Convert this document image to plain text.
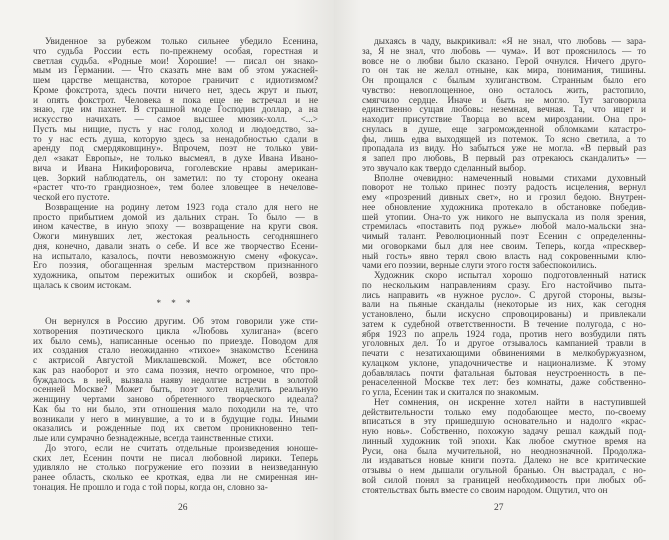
Увиденное за рубежом только сильнее убедило Есенина,
что судьба России есть по-прежнему особая, горестная и
светлая судьба. «Родные мои! Хорошие! — писал он знако-
мым из Германии. — Что сказать мне вам об этом ужасней-
шем царстве мещанства, которое граничит с идиотизмом?
Кроме фокстрота, здесь почти ничего нет, здесь жрут и пьют,
и опять фокстрот. Человека я пока еще не встречал и не
знаю, где им пахнет. В страшной моде Господин доллар, а на
искусство начихать — самое высшее мюзик-холл. <...>
Пусть мы нищие, пусть у нас голод, холод и людоедство, за-
то у нас есть душа, которую здесь за ненадобностью сдали в
аренду под смердяковщину». Впрочем, поэт не только уви-
дел «закат Европы», не только высмеял, в духе Ивана Ивано-
вича и Ивана Никифоровича, гоголевские нравы американ-
цев. Зоркий наблюдатель, он заметил: по ту сторону океана
«растет что-то грандиозное», тем более зловещее в нечелове-
ческой его пустоте.
Возвращение на родину летом 1923 года стало для него не
просто прибытием домой из дальних стран. То было — в
ином качестве, в иную эпоху — возвращение на круги своя.
Ожоги минувших лет, жестокая реальность сегодняшнего
дня, конечно, давали знать о себе. И все же творчество Есени-
на испытало, казалось, почти невозможную смену «фокуса».
Его поэзия, обогащенная зрелым мастерством признанного
художника, опытом пережитых ошибок и скорбей, возвра-
щалась к своим истокам.
* * *
Он вернулся в Россию другим. Об этом говорили уже сти-
хотворения поэтического цикла «Любовь хулигана» (всего
их было семь), написанные осенью по приезде. Поводом для
их создания стало неожиданно «тихое» знакомство Есенина
с актрисой Августой Миклашевской. Может, все обстояло
как раз наоборот и это сама поэзия, нечто огромное, что про-
буждалось в ней, вызвала наяву недолгие встречи в золотой
осенней Москве? Может быть, поэт хотел наделить реальную
женщину чертами заново обретенного творческого идеала?
Как бы то ни было, эти отношения мало походили на те, что
возникали у него в минувшие, а то и в будущие годы. Иными
оказались и рожденные под их светом проникновенно теп-
лые или сумрачно безнадежные, всегда таинственные стихи.
До этого, если не считать отдельные произведения юноше-
ских лет, Есенин почти не писал любовной лирики. Теперь
удивляло не столько погружение его поэзии в неизведанную
ранее область, сколько ее кроткая, едва ли не смиренная ин-
тонация. Не прошло и года с той поры, когда он, словно за-
26
дыхаясь в чаду, выкрикивал: «Я не знал, что любовь — зара-
за, Я не знал, что любовь — чума». И вот прояснилось — то
вовсе не о любви было сказано. Герой очнулся. Ничего друго-
го он так не желал отныне, как мира, понимания, тишины.
Он прощался с былым хулиганством. Странным было его
чувство: невоплощенное, оно осталось жить, растопило,
смягчило сердце. Иначе и быть не могло. Тут заговорила
единственно сущая любовь: неземная, вечная. Та, что ищет и
находит присутствие Творца во всем мироздании. Она про-
снулась в душе, еще загроможденной обломками катастро-
фы, лишь едва выходящей из потемок. То ясно светила, а то
пропадала из виду. Но забыться уже не могла. «В первый раз
я запел про любовь, В первый раз отрекаюсь скандалить» —
это звучало как твердо сделанный выбор.
Вполне очевидно: намеченный новыми стихами духовный
поворот не только принес поэту радость исцеления, вернул
ему «прозрений дивных свет», но и грозил бедою. Внутрен-
нее обновление художника протекало в обстановке победив-
шей утопии. Она-то уж никого не выпускала из поля зрения,
стремилась «поставить под ружье» любой мало-мальски зна-
чимый талант. Революционный поэт Есенин с определенны-
ми оговорками был для нее своим. Теперь, когда «пресквер-
ный гость» явно терял свою власть над сокровенными клю-
чами его поэзии, верные слуги этого гостя забеспокоились.
Художник скоро испытал хорошо подготовленный натиск
по нескольким направлениям сразу. Его настойчиво пыта-
лись направить «в нужное русло». С другой стороны, вызы-
вали на пьяные скандалы (некоторые из них, как сегодня
установлено, были искусно спровоцированы) и привлекали
затем к судебной ответственности. В течение полугода, с но-
ября 1923 по апрель 1924 года, против него возбудили пять
уголовных дел. То и другое отзывалось кампанией травли в
печати с незатихающими обвинениями в мелкобуржуазном,
кулацком уклоне, упадочничестве и национализме. К этому
добавлялась почти фатальная бытовая неустроенность в пе-
ренаселенной Москве тех лет: без комнаты, даже собственно-
го угла, Есенин так и скитался по знакомым.
Нет сомнения, он искренне хотел найти в наступившей
действительности только ему подобающее место, по-своему
вписаться в эту пришедшую основательно и надолго «крас-
ную новь». Собственно, похожую задачу решал каждый под-
линный художник той эпохи. Как любое смутное время на
Руси, она была мучительной, но неоднозначной. Продолжа-
ли издаваться новые книги поэта. Далеко не все критические
отзывы о нем дышали огульной бранью. Он выстрадал, с но-
вой силой понял за границей необходимость при любых об-
стоятельствах быть вместе со своим народом. Ощутил, что он
27
